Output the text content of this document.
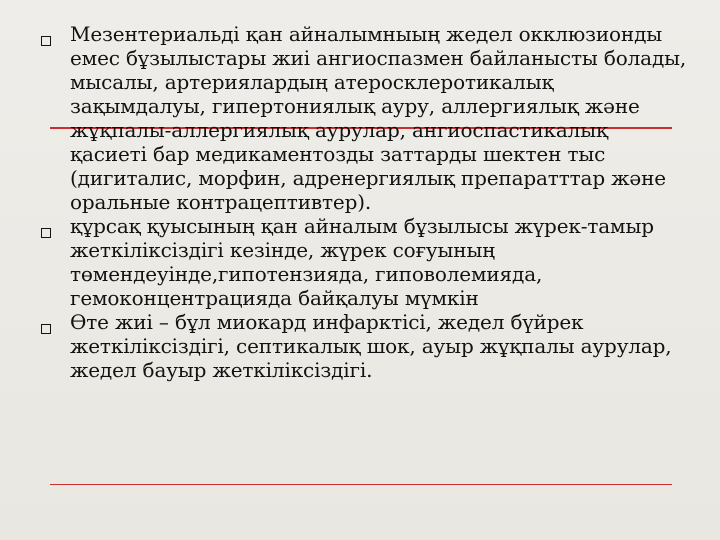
Мезентериальді қан айналымныың жедел окклюзионды емес бұзылыстары жиі ангиоспазмен байланысты болады, мысалы, артериялардың атеросклеротикалық зақымдалуы, гипертониялық ауру, аллергиялық және жұқпалы-аллергиялық аурулар, ангиоспастикалық қасиеті бар медикаментозды заттарды шектен тыс (дигиталис, морфин, адренергиялық препаратттар және оральные контрацептивтер).
құрсақ қуысының қан айналым бұзылысы жүрек-тамыр жеткіліксіздігі кезінде, жүрек соғуының төмендеуінде,гипотензияда, гиповолемияда, гемоконцентрацияда байқалуы мүмкін
Өте жиі – бұл миокард инфарктісі, жедел бүйрек жеткіліксіздігі, септикалық шок, ауыр жұқпалы аурулар, жедел бауыр жеткіліксіздігі.
